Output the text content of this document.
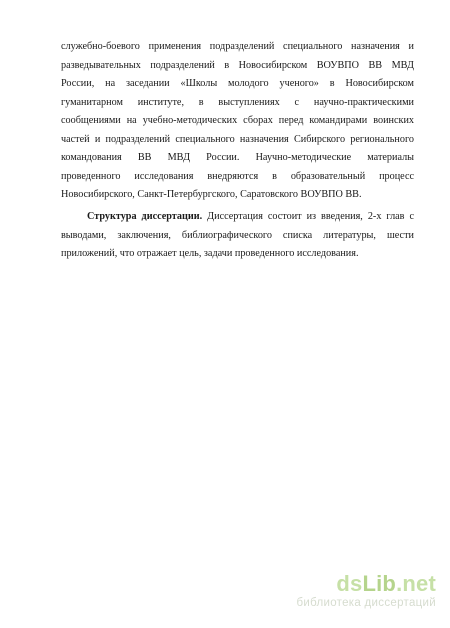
служебно-боевого применения подразделений специального назначения и
разведывательных подразделений в Новосибирском ВОУВПО ВВ МВД
России, на заседании «Школы молодого ученого» в Новосибирском
гуманитарном институте, в выступлениях с научно-практическими
сообщениями на учебно-методических сборах перед командирами воинских
частей и подразделений специального назначения Сибирского регионального
командования ВВ МВД России. Научно-методические материалы
проведенного исследования внедряются в образовательный процесс
Новосибирского, Санкт-Петербургского, Саратовского ВОУВПО ВВ.
Структура диссертации. Диссертация состоит из введения, 2-х глав с
выводами, заключения, библиографического списка литературы, шести
приложений, что отражает цель, задачи проведенного исследования.
dsLib.net
библиотека диссертаций
